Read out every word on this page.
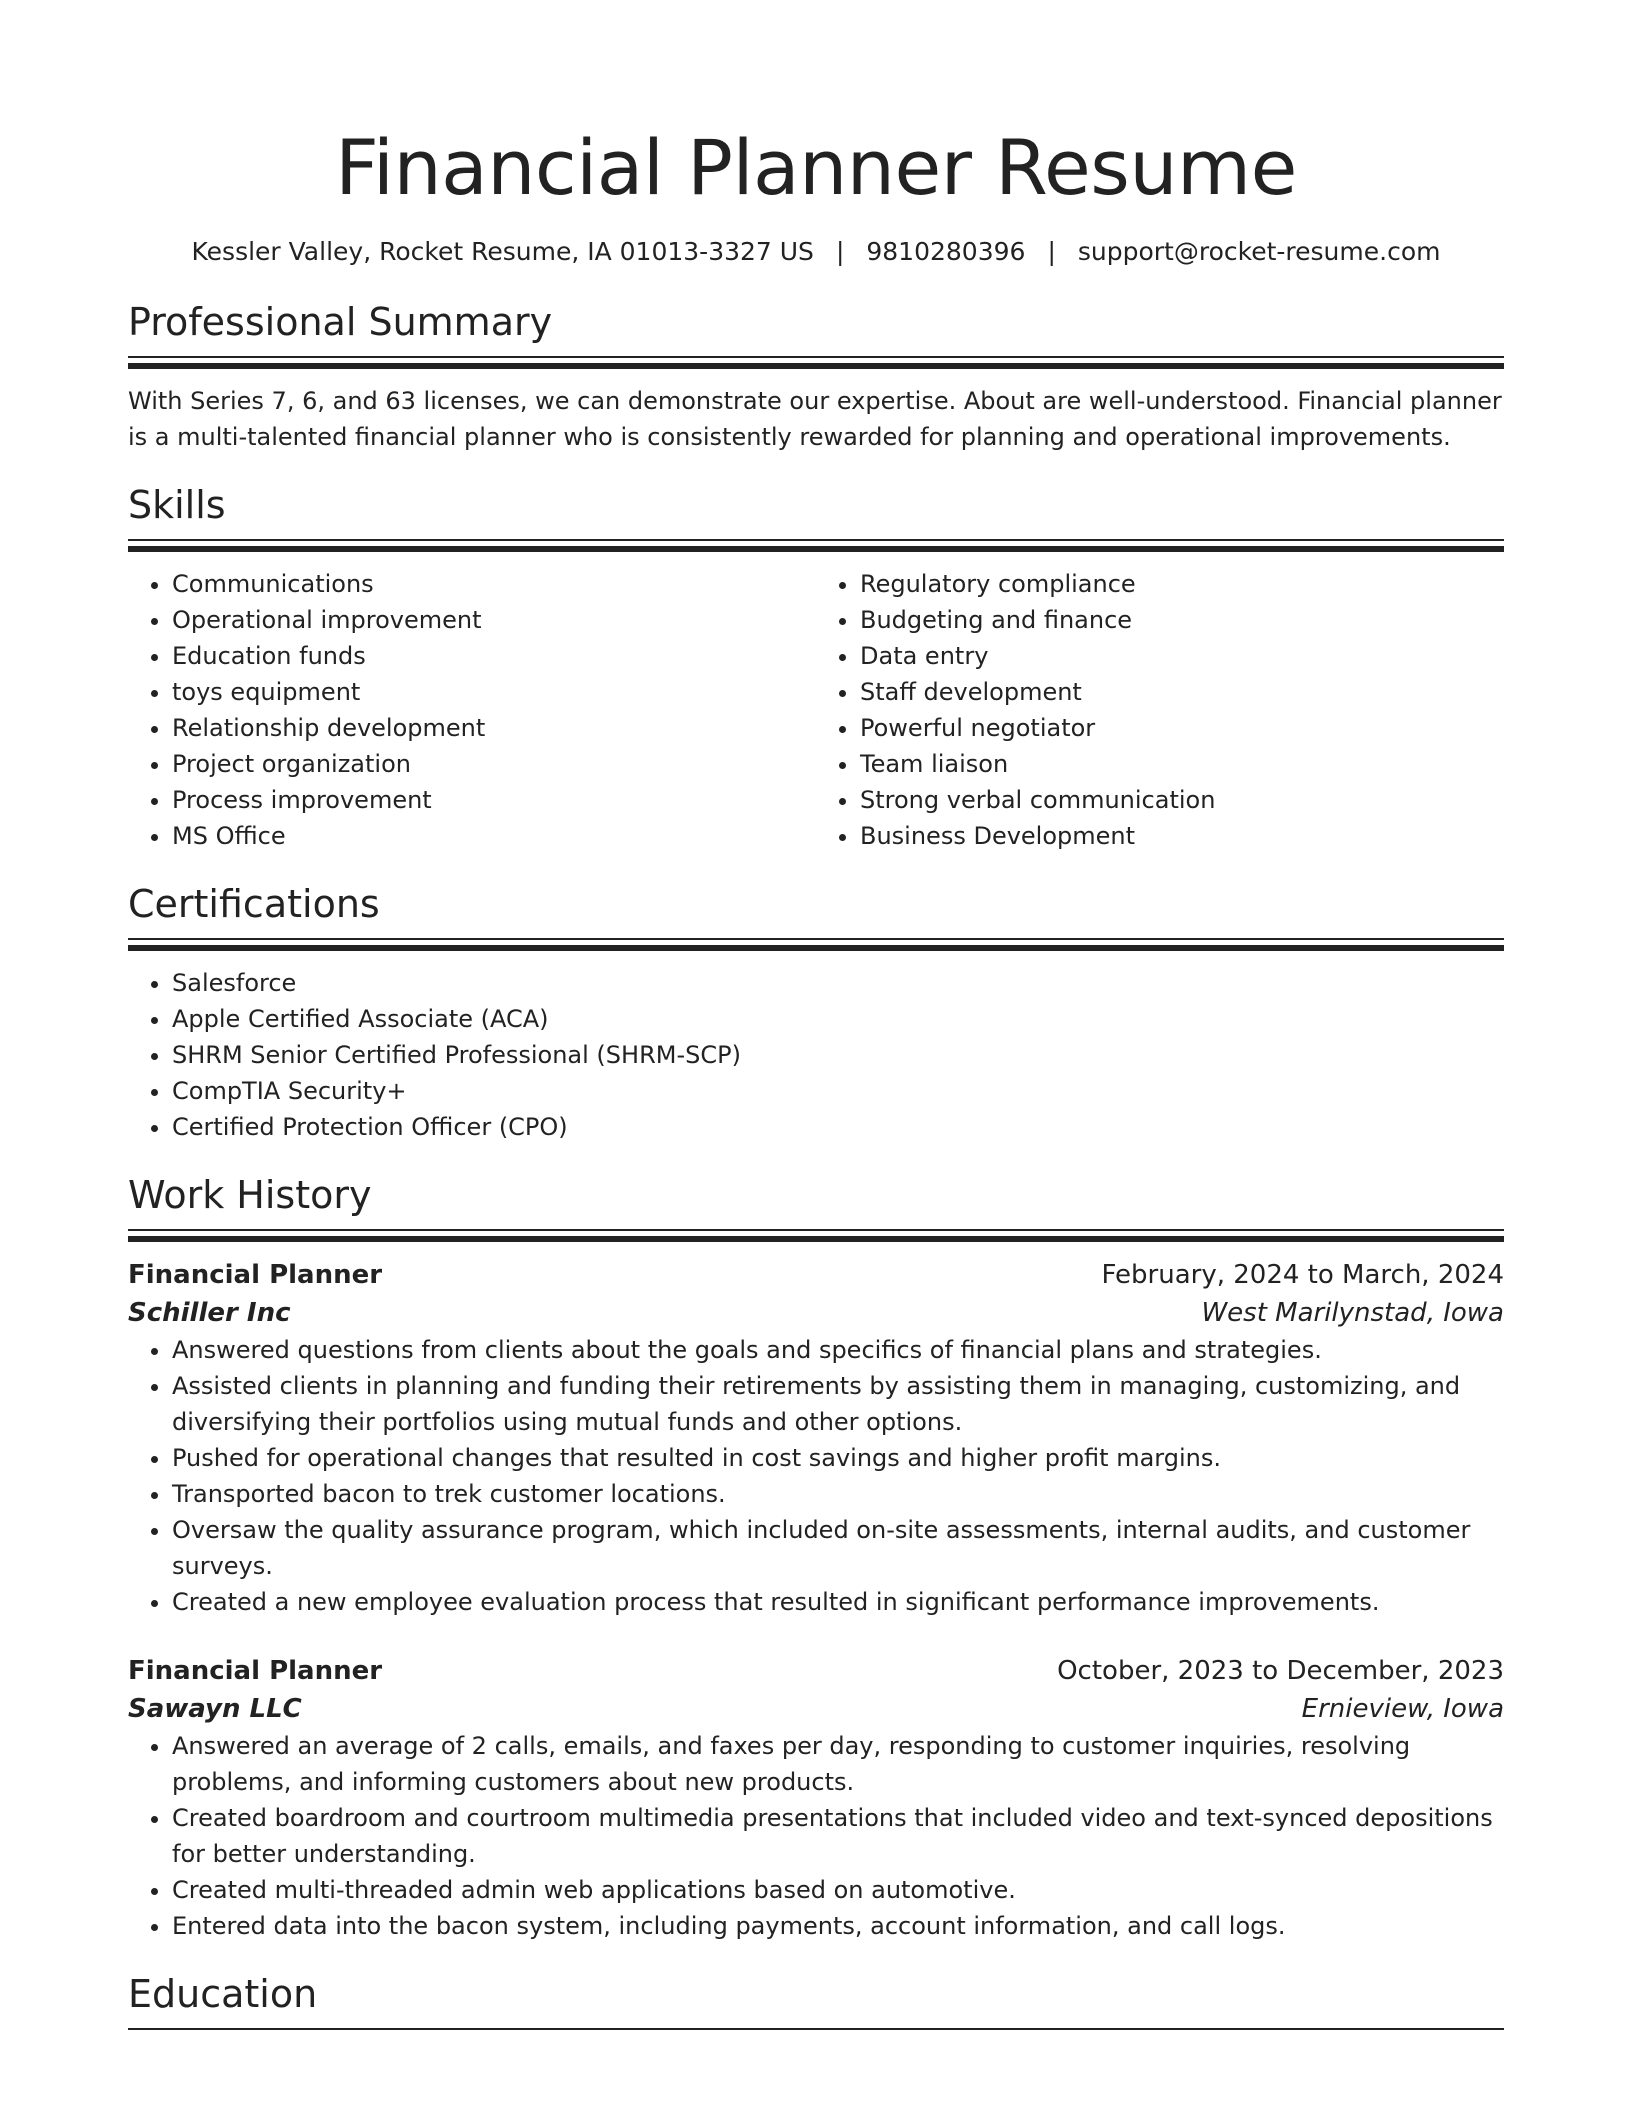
Financial Planner Resume
Kessler Valley, Rocket Resume, IA 01013-3327 US | 9810280396 | support@rocket-resume.com
Professional Summary
With Series 7, 6, and 63 licenses, we can demonstrate our expertise. About are well-understood. Financial planner is a multi-talented financial planner who is consistently rewarded for planning and operational improvements.
Skills
• Communications
• Operational improvement
• Education funds
• toys equipment
• Relationship development
• Project organization
• Process improvement
• MS Office
• Regulatory compliance
• Budgeting and finance
• Data entry
• Staff development
• Powerful negotiator
• Team liaison
• Strong verbal communication
• Business Development
Certifications
• Salesforce
• Apple Certified Associate (ACA)
• SHRM Senior Certified Professional (SHRM-SCP)
• CompTIA Security+
• Certified Protection Officer (CPO)
Work History
Financial Planner	February, 2024 to March, 2024
Schiller Inc	West Marilynstad, Iowa
• Answered questions from clients about the goals and specifics of financial plans and strategies.
• Assisted clients in planning and funding their retirements by assisting them in managing, customizing, and diversifying their portfolios using mutual funds and other options.
• Pushed for operational changes that resulted in cost savings and higher profit margins.
• Transported bacon to trek customer locations.
• Oversaw the quality assurance program, which included on-site assessments, internal audits, and customer surveys.
• Created a new employee evaluation process that resulted in significant performance improvements.
Financial Planner	October, 2023 to December, 2023
Sawayn LLC	Ernieview, Iowa
• Answered an average of 2 calls, emails, and faxes per day, responding to customer inquiries, resolving problems, and informing customers about new products.
• Created boardroom and courtroom multimedia presentations that included video and text-synced depositions for better understanding.
• Created multi-threaded admin web applications based on automotive.
• Entered data into the bacon system, including payments, account information, and call logs.
Education
